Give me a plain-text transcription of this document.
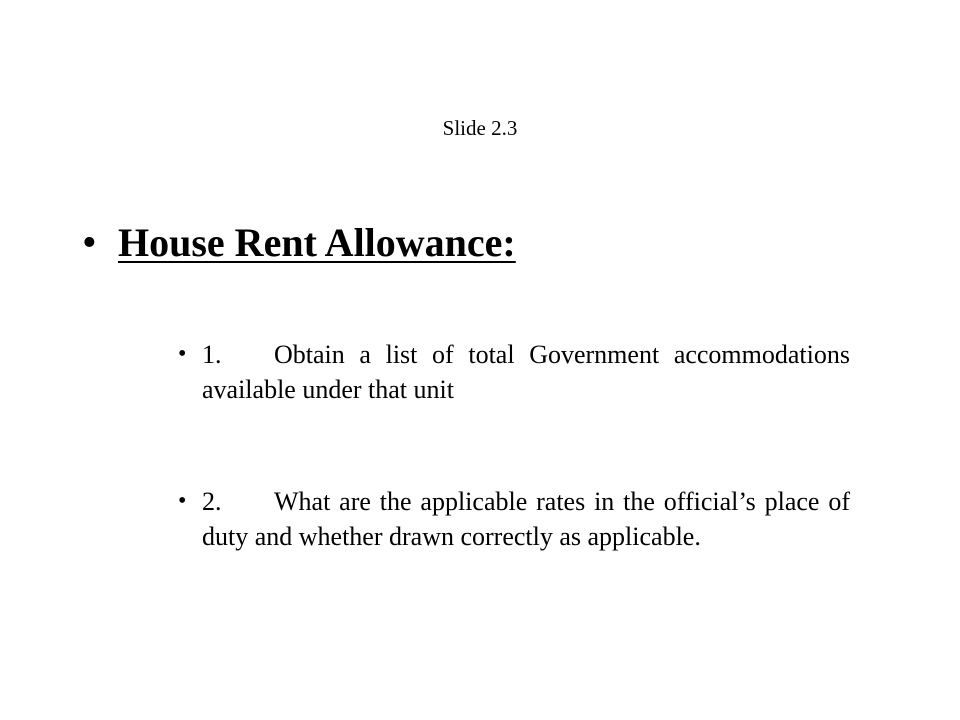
Slide 2.3
• House Rent Allowance:
• 1. Obtain a list of total Government accommodations available under that unit
• 2. What are the applicable rates in the official’s place of duty and whether drawn correctly as applicable.
